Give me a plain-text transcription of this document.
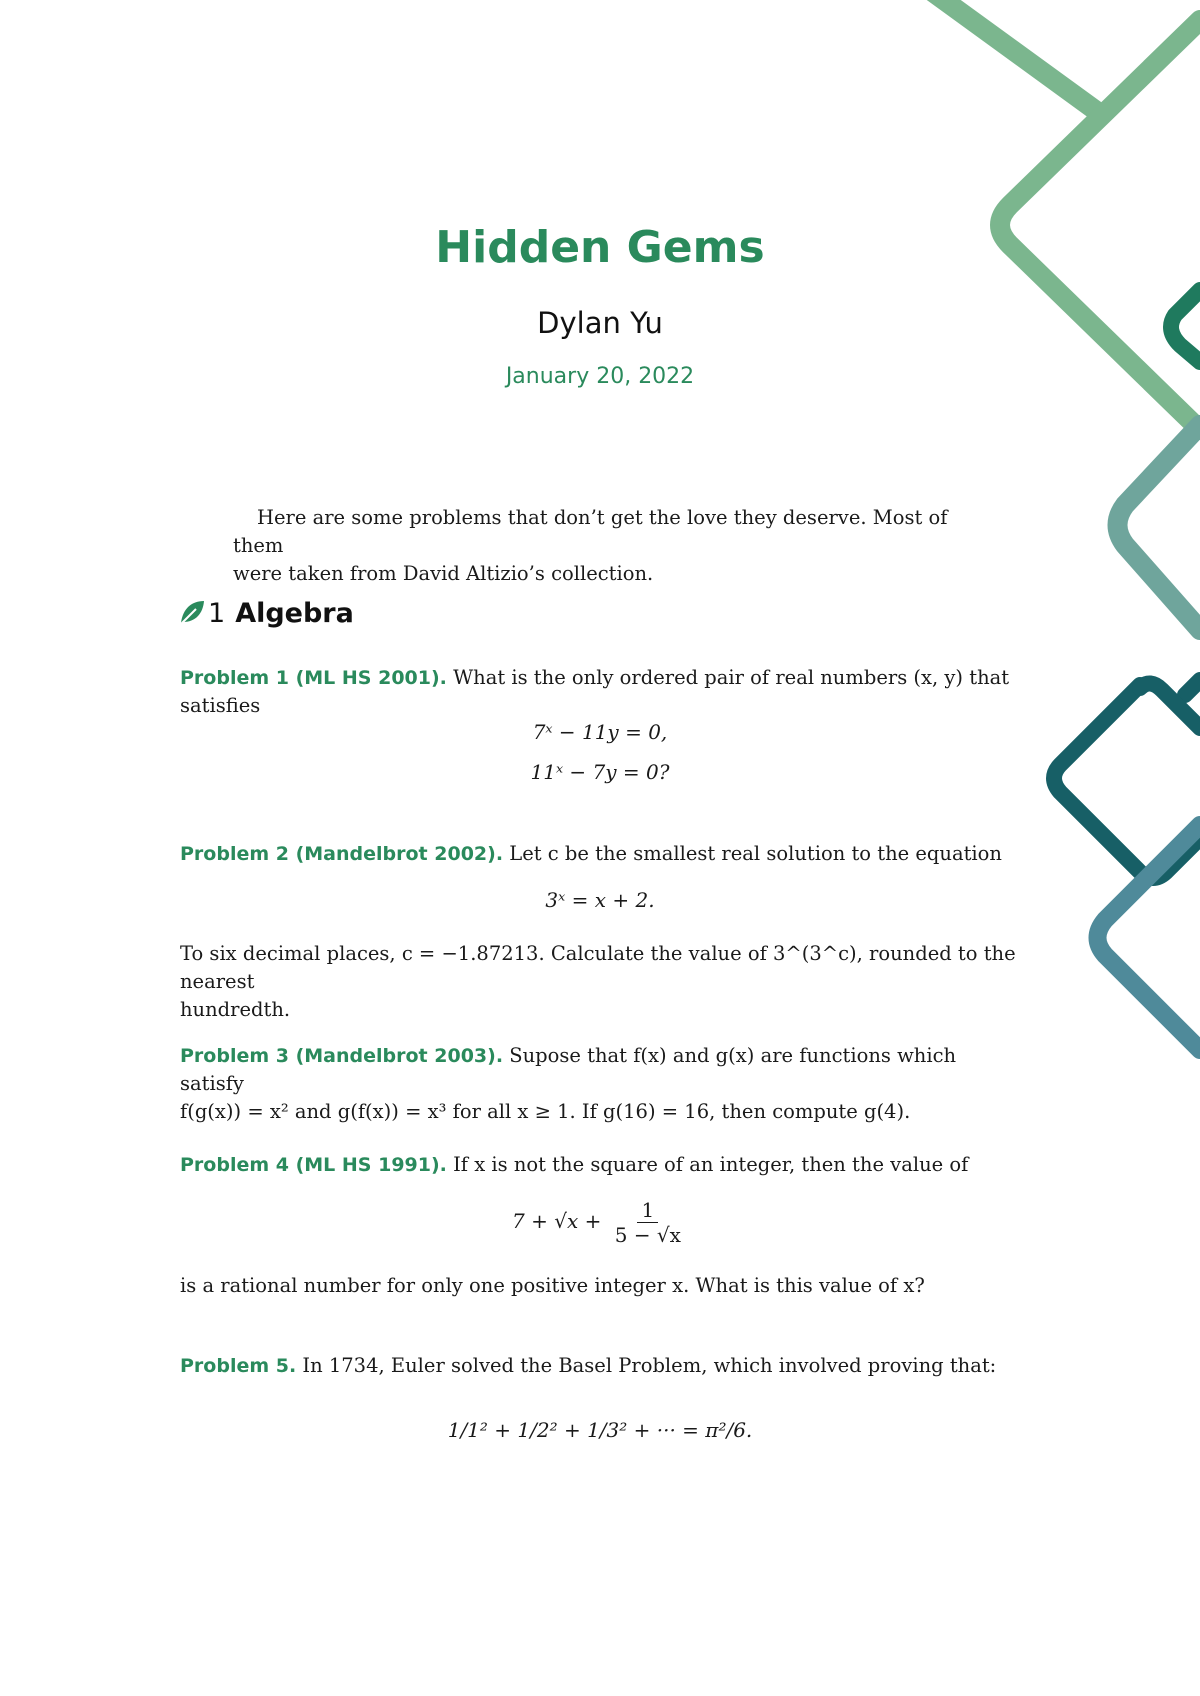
Hidden Gems
Dylan Yu
January 20, 2022
Here are some problems that don’t get the love they deserve. Most of them
were taken from David Altizio’s collection.
1 Algebra
Problem 1 (ML HS 2001). What is the only ordered pair of real numbers (x, y) that
satisfies
7ˣ − 11y = 0,
11ˣ − 7y = 0?
Problem 2 (Mandelbrot 2002). Let c be the smallest real solution to the equation
3ˣ = x + 2.
To six decimal places, c = −1.87213. Calculate the value of 3^(3^c), rounded to the nearest
hundredth.
Problem 3 (Mandelbrot 2003). Supose that f(x) and g(x) are functions which satisfy
f(g(x)) = x² and g(f(x)) = x³ for all x ≥ 1. If g(16) = 16, then compute g(4).
Problem 4 (ML HS 1991). If x is not the square of an integer, then the value of
$7 + √x + \frac{1}{5 - √x}$
is a rational number for only one positive integer x. What is this value of x?
Problem 5. In 1734, Euler solved the Basel Problem, which involved proving that:
1/1² + 1/2² + 1/3² + ··· = π²/6.
